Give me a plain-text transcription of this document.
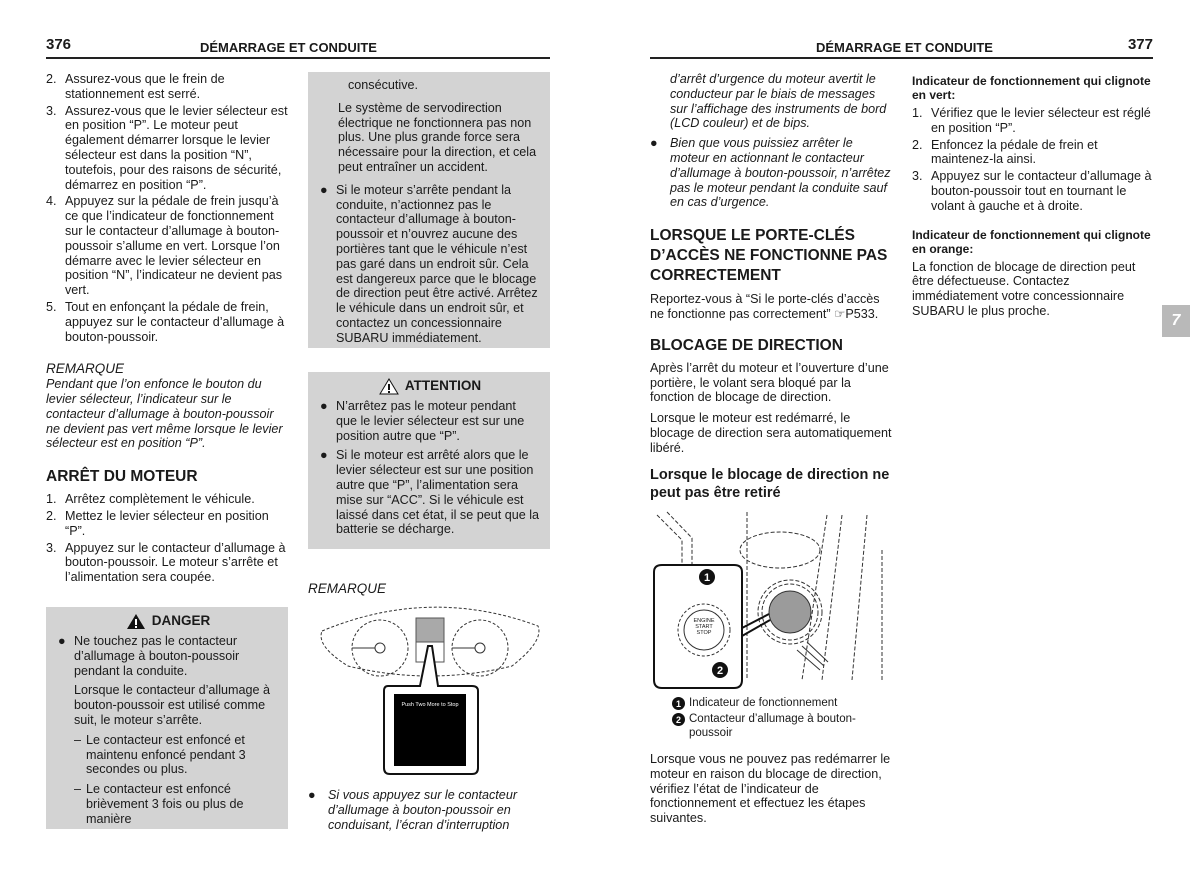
376	DÉMARRAGE ET CONDUITE	DÉMARRAGE ET CONDUITE	377
7
2. Assurez-vous que le frein de stationnement est serré.
3. Assurez-vous que le levier sélecteur est en position “P”. Le moteur peut également démarrer lorsque le levier sélecteur est dans la position “N”, toutefois, pour des raisons de sécurité, démarrez en position “P”.
4. Appuyez sur la pédale de frein jusqu’à ce que l’indicateur de fonctionnement sur le contacteur d’allumage à bouton-poussoir s’allume en vert. Lorsque l’on démarre avec le levier sélecteur en position “N”, l’indicateur ne devient pas vert.
5. Tout en enfonçant la pédale de frein, appuyez sur le contacteur d’allumage à bouton-poussoir.
REMARQUE
Pendant que l’on enfonce le bouton du levier sélecteur, l’indicateur sur le contacteur d’allumage à bouton-poussoir ne devient pas vert même lorsque le levier sélecteur est en position “P”.
ARRÊT DU MOTEUR
1. Arrêtez complètement le véhicule.
2. Mettez le levier sélecteur en position “P”.
3. Appuyez sur le contacteur d’allumage à bouton-poussoir. Le moteur s’arrête et l’alimentation sera coupée.
DANGER
● Ne touchez pas le contacteur d’allumage à bouton-poussoir pendant la conduite.
Lorsque le contacteur d’allumage à bouton-poussoir est utilisé comme suit, le moteur s’arrête.
– Le contacteur est enfoncé et maintenu enfoncé pendant 3 secondes ou plus.
– Le contacteur est enfoncé brièvement 3 fois ou plus de manière
consécutive.
Le système de servodirection électrique ne fonctionnera pas non plus. Une plus grande force sera nécessaire pour la direction, et cela peut entraîner un accident.
● Si le moteur s’arrête pendant la conduite, n’actionnez pas le contacteur d’allumage à bouton-poussoir et n’ouvrez aucune des portières tant que le véhicule n’est pas garé dans un endroit sûr. Cela est dangereux parce que le blocage de direction peut être activé. Arrêtez le véhicule dans un endroit sûr, et contactez un concessionnaire SUBARU immédiatement.
ATTENTION
● N’arrêtez pas le moteur pendant que le levier sélecteur est sur une position autre que “P”.
● Si le moteur est arrêté alors que le levier sélecteur est sur une position autre que “P”, l’alimentation sera mise sur “ACC”. Si le véhicule est laissé dans cet état, il se peut que la batterie se décharge.
REMARQUE
Push Two More to Stop
● Si vous appuyez sur le contacteur d’allumage à bouton-poussoir en conduisant, l’écran d’interruption
d’arrêt d’urgence du moteur avertit le conducteur par le biais de messages sur l’affichage des instruments de bord (LCD couleur) et de bips.
● Bien que vous puissiez arrêter le moteur en actionnant le contacteur d’allumage à bouton-poussoir, n’arrêtez pas le moteur pendant la conduite sauf en cas d’urgence.
LORSQUE LE PORTE-CLÉS D’ACCÈS NE FONCTIONNE PAS CORRECTEMENT
Reportez-vous à “Si le porte-clés d’accès ne fonctionne pas correctement” ☞P533.
BLOCAGE DE DIRECTION
Après l’arrêt du moteur et l’ouverture d’une portière, le volant sera bloqué par la fonction de blocage de direction.
Lorsque le moteur est redémarré, le blocage de direction sera automatiquement libéré.
Lorsque le blocage de direction ne peut pas être retiré
1
2
ENGINE START STOP
1 Indicateur de fonctionnement
2 Contacteur d’allumage à bouton-poussoir
Lorsque vous ne pouvez pas redémarrer le moteur en raison du blocage de direction, vérifiez l’état de l’indicateur de fonctionnement et effectuez les étapes suivantes.
Indicateur de fonctionnement qui clignote en vert:
1. Vérifiez que le levier sélecteur est réglé en position “P”.
2. Enfoncez la pédale de frein et maintenez-la ainsi.
3. Appuyez sur le contacteur d’allumage à bouton-poussoir tout en tournant le volant à gauche et à droite.
Indicateur de fonctionnement qui clignote en orange:
La fonction de blocage de direction peut être défectueuse. Contactez immédiatement votre concessionnaire SUBARU le plus proche.
